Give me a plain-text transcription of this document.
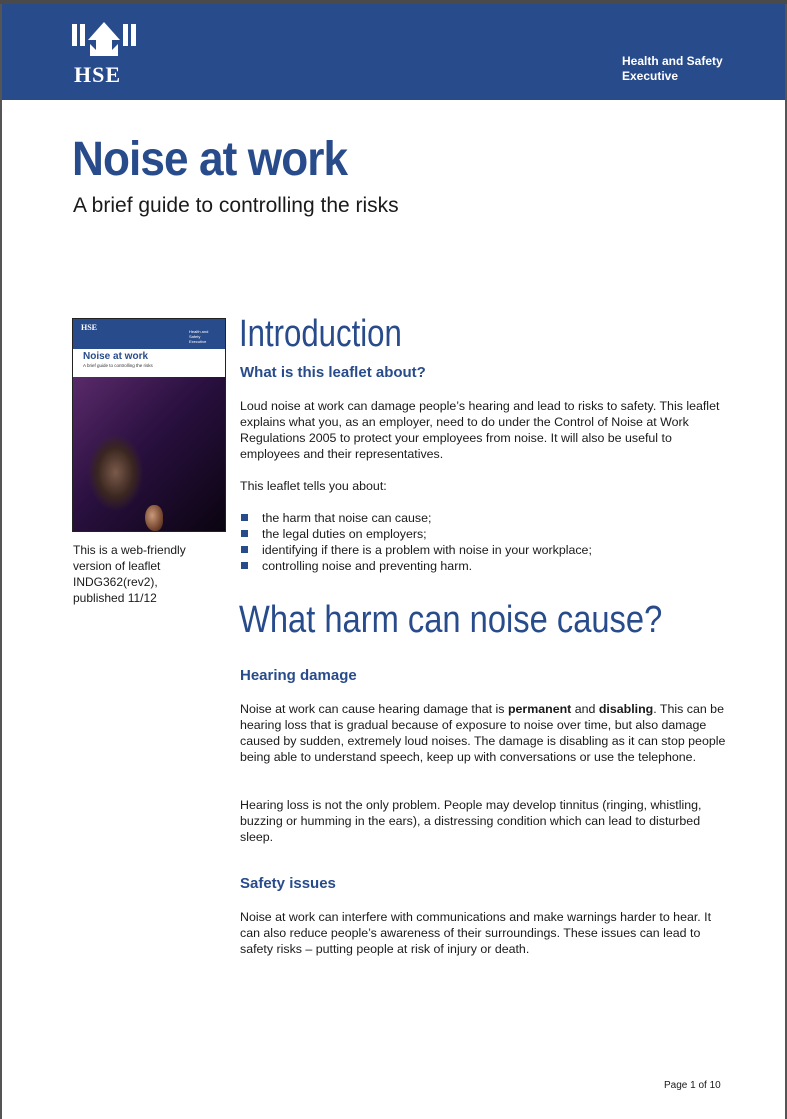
HSE
Health and Safety
Executive
Noise at work
A brief guide to controlling the risks
HSE	Health and Safety Executive
Noise at work
A brief guide to controlling the risks
This is a web-friendly
version of leaflet
INDG362(rev2),
published 11/12
Introduction
What is this leaflet about?
Loud noise at work can damage people’s hearing and lead to risks to safety. This leaflet explains what you, as an employer, need to do under the Control of Noise at Work Regulations 2005 to protect your employees from noise. It will also be useful to employees and their representatives.
This leaflet tells you about:
the harm that noise can cause;
the legal duties on employers;
identifying if there is a problem with noise in your workplace;
controlling noise and preventing harm.
What harm can noise cause?
Hearing damage
Noise at work can cause hearing damage that is permanent and disabling. This can be hearing loss that is gradual because of exposure to noise over time, but also damage caused by sudden, extremely loud noises. The damage is disabling as it can stop people being able to understand speech, keep up with conversations or use the telephone.
Hearing loss is not the only problem. People may develop tinnitus (ringing, whistling, buzzing or humming in the ears), a distressing condition which can lead to disturbed sleep.
Safety issues
Noise at work can interfere with communications and make warnings harder to hear. It can also reduce people’s awareness of their surroundings. These issues can lead to safety risks – putting people at risk of injury or death.
Page 1 of 10
